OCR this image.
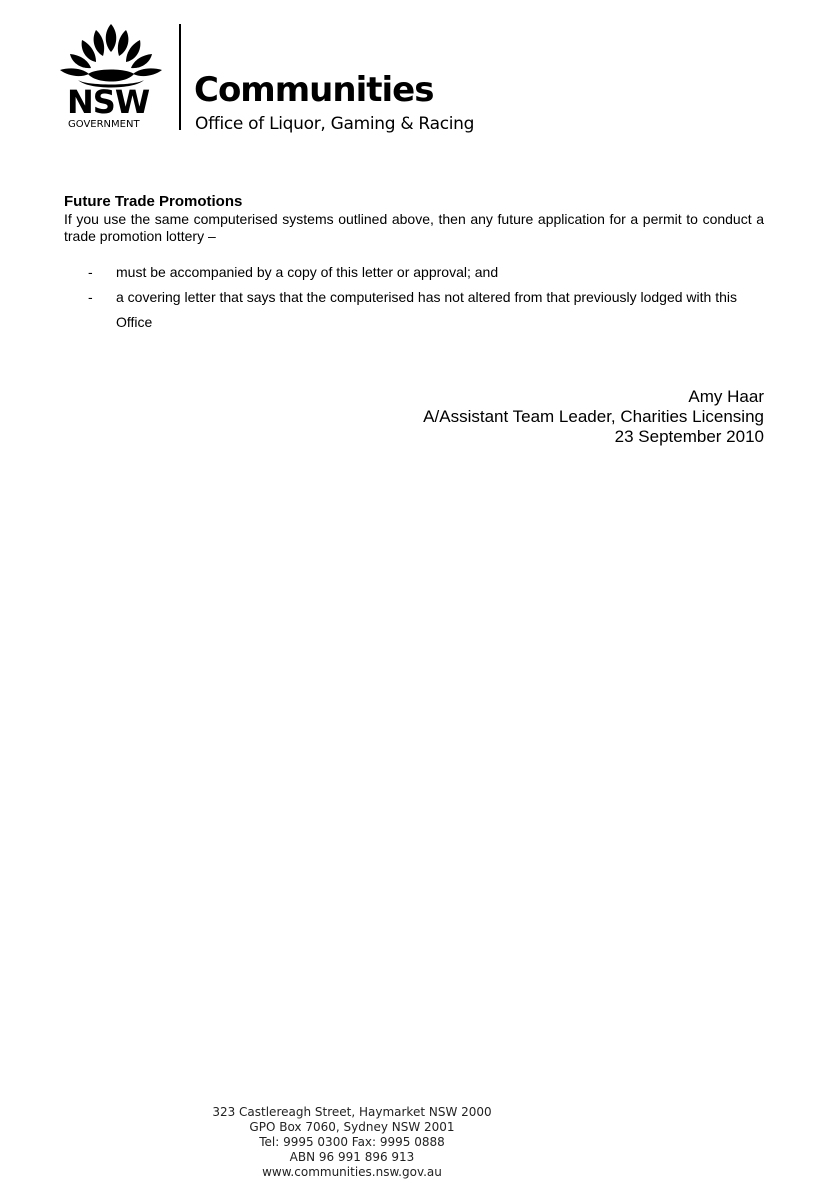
NSW
GOVERNMENT
Communities
Office of Liquor, Gaming & Racing
Future Trade Promotions
If you use the same computerised systems outlined above, then any future application for a permit to conduct a trade promotion lottery –
- must be accompanied by a copy of this letter or approval; and
- a covering letter that says that the computerised has not altered from that previously lodged with this Office
Amy Haar
A/Assistant Team Leader, Charities Licensing
23 September 2010
323 Castlereagh Street, Haymarket NSW 2000
GPO Box 7060, Sydney NSW 2001
Tel: 9995 0300 Fax: 9995 0888
ABN 96 991 896 913
www.communities.nsw.gov.au
